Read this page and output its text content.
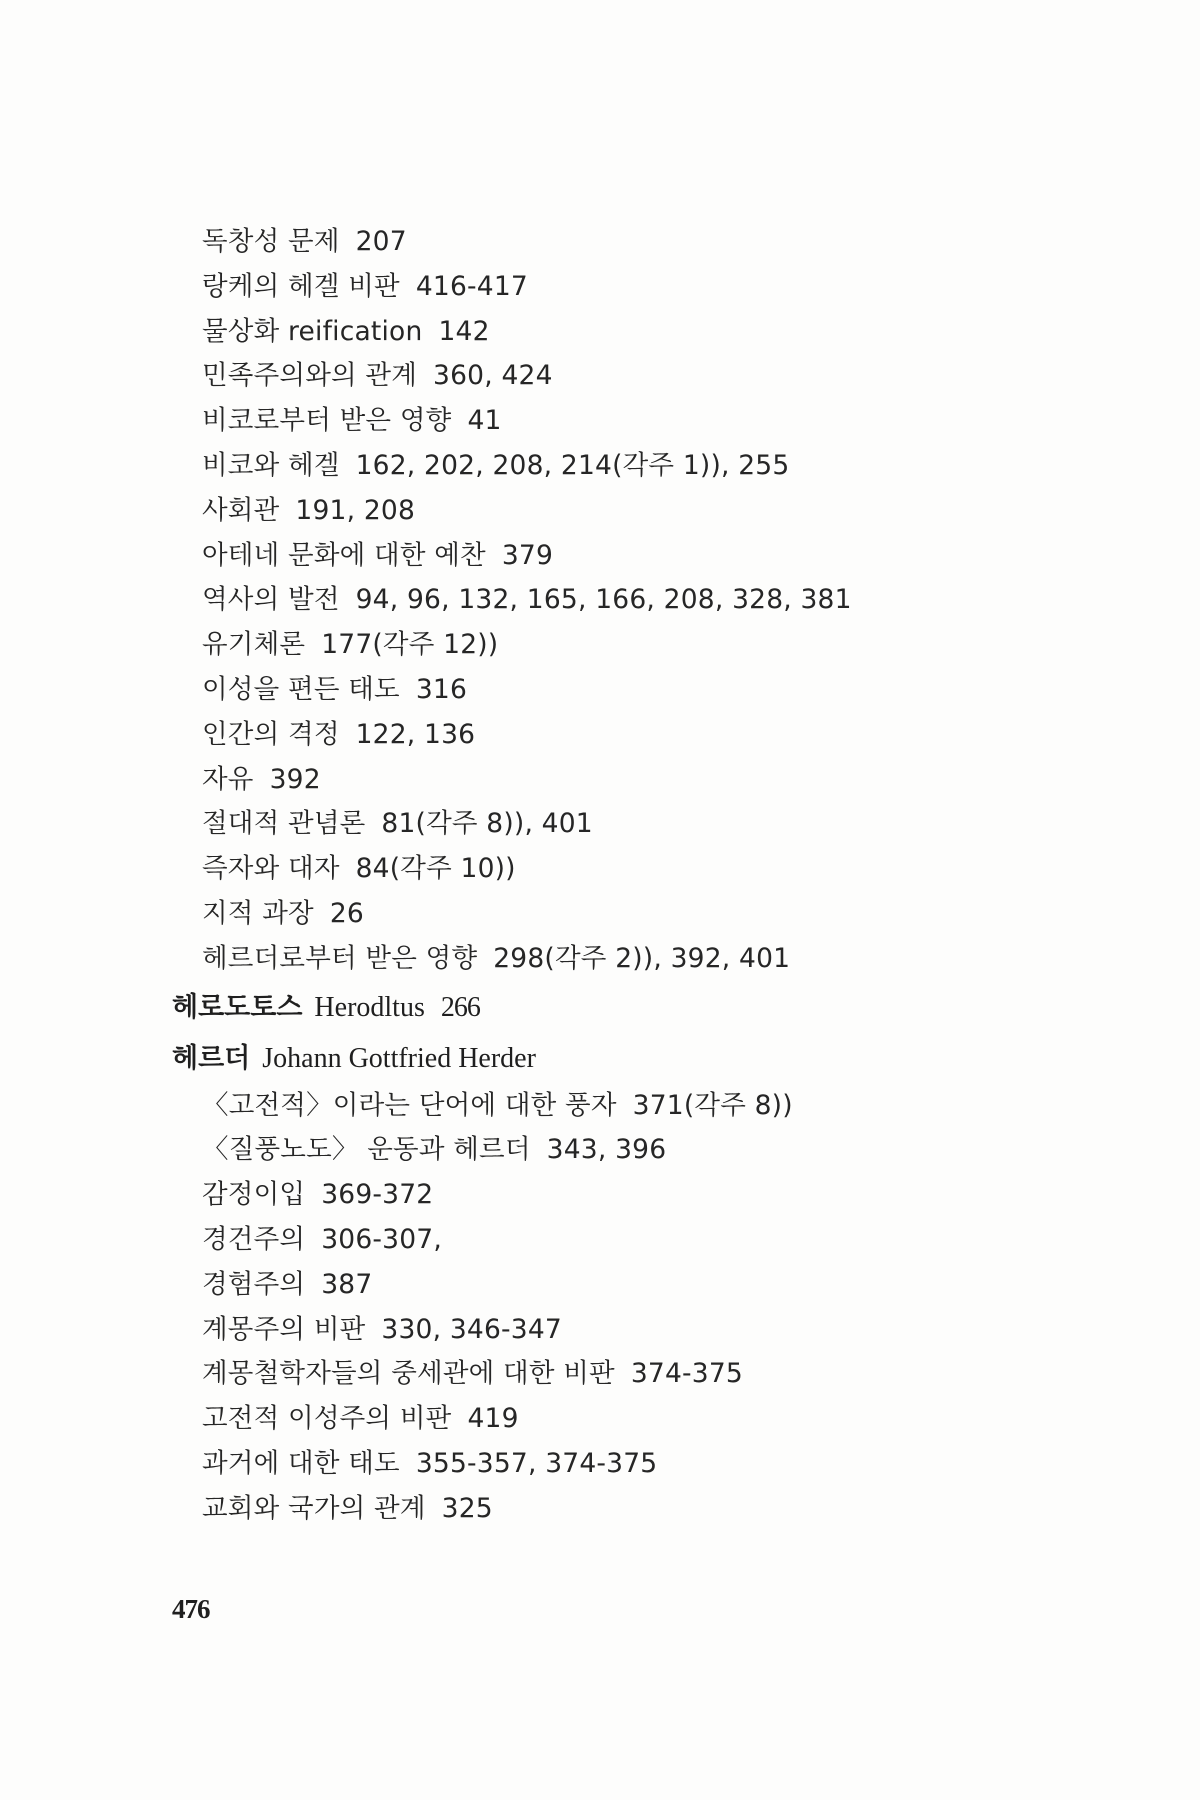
독창성 문제 207
랑케의 헤겔 비판 416-417
물상화 reification 142
민족주의와의 관계 360, 424
비코로부터 받은 영향 41
비코와 헤겔 162, 202, 208, 214(각주 1)), 255
사회관 191, 208
아테네 문화에 대한 예찬 379
역사의 발전 94, 96, 132, 165, 166, 208, 328, 381
유기체론 177(각주 12))
이성을 편든 태도 316
인간의 격정 122, 136
자유 392
절대적 관념론 81(각주 8)), 401
즉자와 대자 84(각주 10))
지적 과장 26
헤르더로부터 받은 영향 298(각주 2)), 392, 401
헤로도토스 Herodltus 266
헤르더 Johann Gottfried Herder
〈고전적〉이라는 단어에 대한 풍자 371(각주 8))
〈질풍노도〉 운동과 헤르더 343, 396
감정이입 369-372
경건주의 306-307,
경험주의 387
계몽주의 비판 330, 346-347
계몽철학자들의 중세관에 대한 비판 374-375
고전적 이성주의 비판 419
과거에 대한 태도 355-357, 374-375
교회와 국가의 관계 325
476
